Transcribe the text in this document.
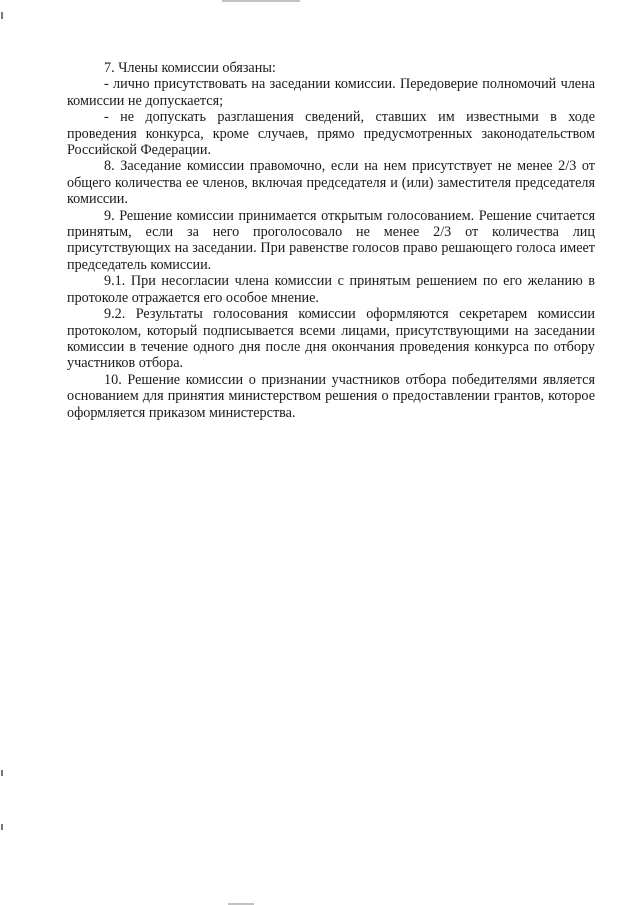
7. Члены комиссии обязаны:

- лично присутствовать на заседании комиссии. Передоверие полномочий члена комиссии не допускается;

- не допускать разглашения сведений, ставших им известными в ходе проведения конкурса, кроме случаев, прямо предусмотренных законодательством Российской Федерации.

8. Заседание комиссии правомочно, если на нем присутствует не менее 2/3 от общего количества ее членов, включая председателя и (или) заместителя председателя комиссии.

9. Решение комиссии принимается открытым голосованием. Решение считается принятым, если за него проголосовало не менее 2/3 от количества лиц присутствующих на заседании. При равенстве голосов право решающего голоса имеет председатель комиссии.

9.1. При несогласии члена комиссии с принятым решением по его желанию в протоколе отражается его особое мнение.

9.2. Результаты голосования комиссии оформляются секретарем комиссии протоколом, который подписывается всеми лицами, присутствующими на заседании комиссии в течение одного дня после дня окончания проведения конкурса по отбору участников отбора.

10. Решение комиссии о признании участников отбора победителями является основанием для принятия министерством решения о предоставлении грантов, которое оформляется приказом министерства.
